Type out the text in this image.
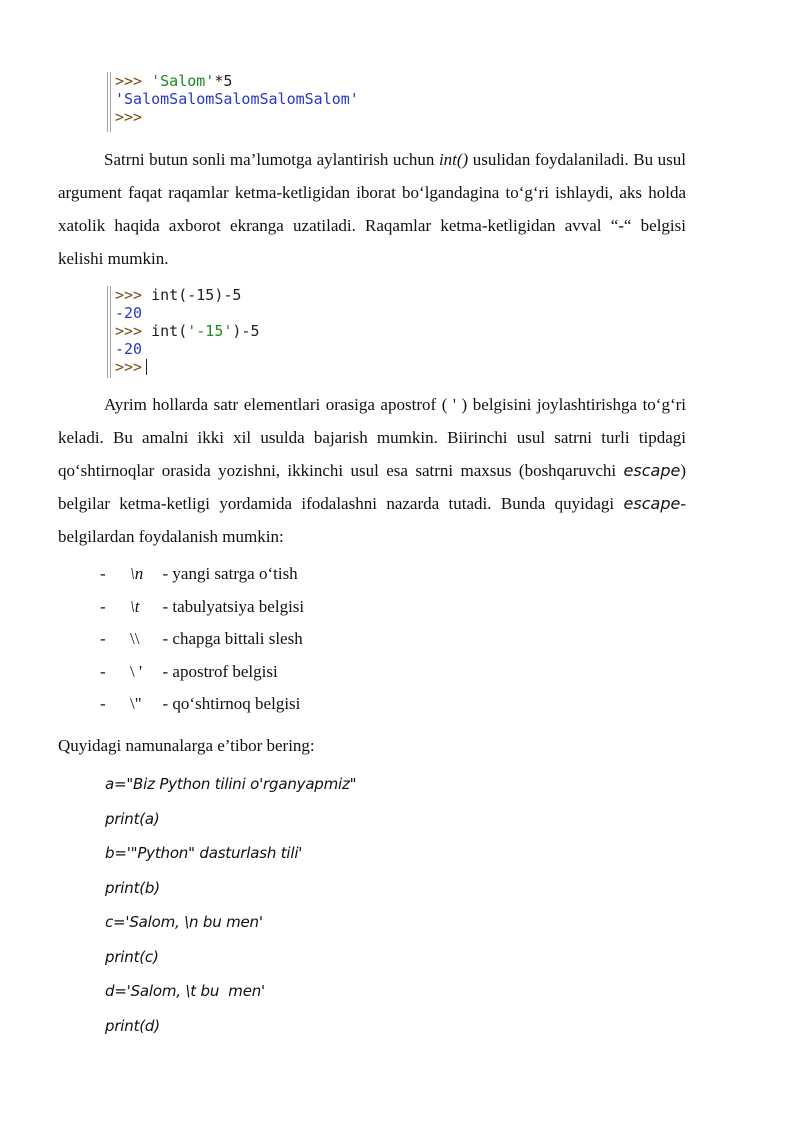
>>> 'Salom'*5
'SalomSalomSalomSalomSalom'
>>>

Satrni butun sonli ma’lumotga aylantirish uchun int() usulidan foydalaniladi. Bu usul argument faqat raqamlar ketma-ketligidan iborat bo‘lgandagina to‘g‘ri ishlaydi, aks holda xatolik haqida axborot ekranga uzatiladi. Raqamlar ketma-ketligidan avval “-“ belgisi kelishi mumkin.

>>> int(-15)-5
-20
>>> int('-15')-5
-20
>>>

Ayrim hollarda satr elementlari orasiga apostrof ( ' ) belgisini joylashtirishga to‘g‘ri keladi. Bu amalni ikki xil usulda bajarish mumkin. Biirinchi usul satrni turli tipdagi qo‘shtirnoqlar orasida yozishni, ikkinchi usul esa satrni maxsus (boshqaruvchi escape) belgilar ketma-ketligi yordamida ifodalashni nazarda tutadi. Bunda quyidagi escape-belgilardan foydalanish mumkin:

- \n  - yangi satrga o‘tish
- \t  - tabulyatsiya belgisi
- \\  - chapga bittali slesh
- \ '  - apostrof belgisi
- \"  - qo‘shtirnoq belgisi

Quyidagi namunalarga e’tibor bering:

a="Biz Python tilini o'rganyapmiz"
print(a)
b='"Python" dasturlash tili'
print(b)
c='Salom, \n bu men'
print(c)
d='Salom, \t bu  men'
print(d)
